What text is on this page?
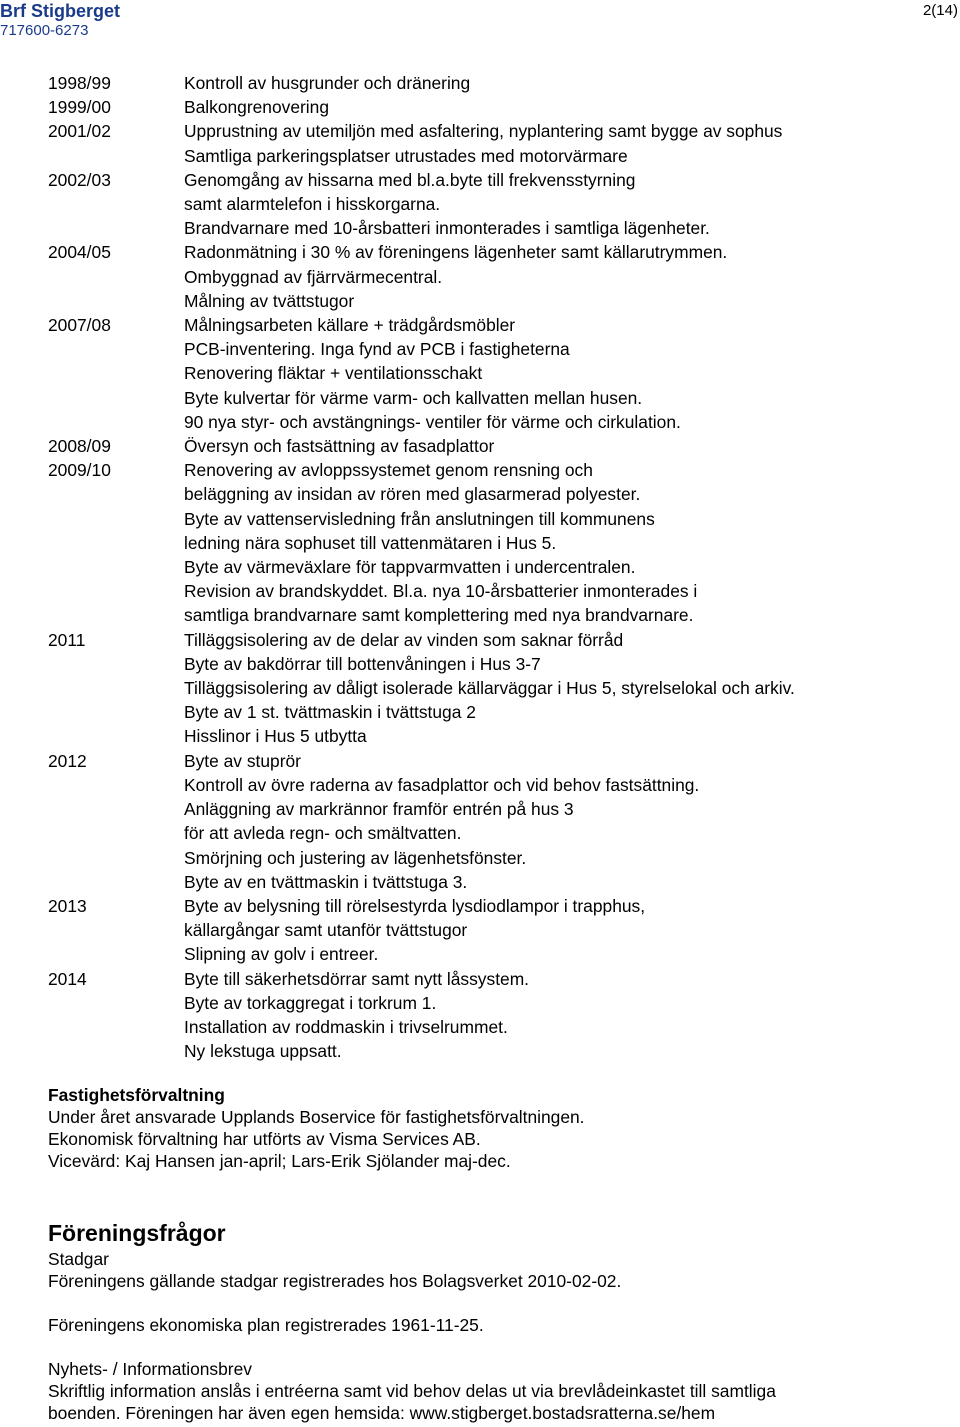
Brf Stigberget
717600-6273
2(14)
1998/99	Kontroll av husgrunder och dränering
1999/00	Balkongrenovering
2001/02	Upprustning av utemiljön med asfaltering, nyplantering samt bygge av sophus
Samtliga parkeringsplatser utrustades med motorvärmare
2002/03	Genomgång av hissarna med bl.a.byte till frekvensstyrning
samt alarmtelefon i hisskorgarna.
Brandvarnare med 10-årsbatteri inmonterades i samtliga lägenheter.
2004/05	Radonmätning i 30 % av föreningens lägenheter samt källarutrymmen.
Ombyggnad av fjärrvärmecentral.
Målning av tvättstugor
2007/08	Målningsarbeten källare + trädgårdsmöbler
PCB-inventering. Inga fynd av PCB i fastigheterna
Renovering fläktar + ventilationsschakt
Byte kulvertar för värme varm- och kallvatten mellan husen.
90 nya styr- och avstängnings- ventiler för värme och cirkulation.
2008/09	Översyn och fastsättning av fasadplattor
2009/10	Renovering av avloppssystemet genom rensning och
beläggning av insidan av rören med glasarmerad polyester.
Byte av vattenservisledning från anslutningen till kommunens
ledning nära sophuset till vattenmätaren i Hus 5.
Byte av värmeväxlare för tappvarmvatten i undercentralen.
Revision av brandskyddet. Bl.a. nya 10-årsbatterier inmonterades i
samtliga brandvarnare samt komplettering med nya brandvarnare.
2011	Tilläggsisolering av de delar av vinden som saknar förråd
Byte av bakdörrar till bottenvåningen i Hus 3-7
Tilläggsisolering av dåligt isolerade källarväggar i Hus 5, styrelselokal och arkiv.
Byte av 1 st. tvättmaskin i tvättstuga 2
Hisslinor i Hus 5 utbytta
2012	Byte av stuprör
Kontroll av övre raderna av fasadplattor och vid behov fastsättning.
Anläggning av markrännor framför entrén på hus 3
för att avleda regn- och smältvatten.
Smörjning och justering av lägenhetsfönster.
Byte av en tvättmaskin i tvättstuga 3.
2013	Byte av belysning till rörelsestyrda lysdiodlampor i trapphus,
källargångar samt utanför tvättstugor
Slipning av golv i entreer.
2014	Byte till säkerhetsdörrar samt nytt låssystem.
Byte av torkaggregat i torkrum 1.
Installation av roddmaskin i trivselrummet.
Ny lekstuga uppsatt.
Fastighetsförvaltning
Under året ansvarade Upplands Boservice för fastighetsförvaltningen.
Ekonomisk förvaltning har utförts av Visma Services AB.
Vicevärd: Kaj Hansen jan-april; Lars-Erik Sjölander maj-dec.
Föreningsfrågor
Stadgar
Föreningens gällande stadgar registrerades hos Bolagsverket 2010-02-02.
Föreningens ekonomiska plan registrerades 1961-11-25.
Nyhets- / Informationsbrev
Skriftlig information anslås i entréerna samt vid behov delas ut via brevlådeinkastet till samtliga
boenden. Föreningen har även egen hemsida: www.stigberget.bostadsratterna.se/hem
